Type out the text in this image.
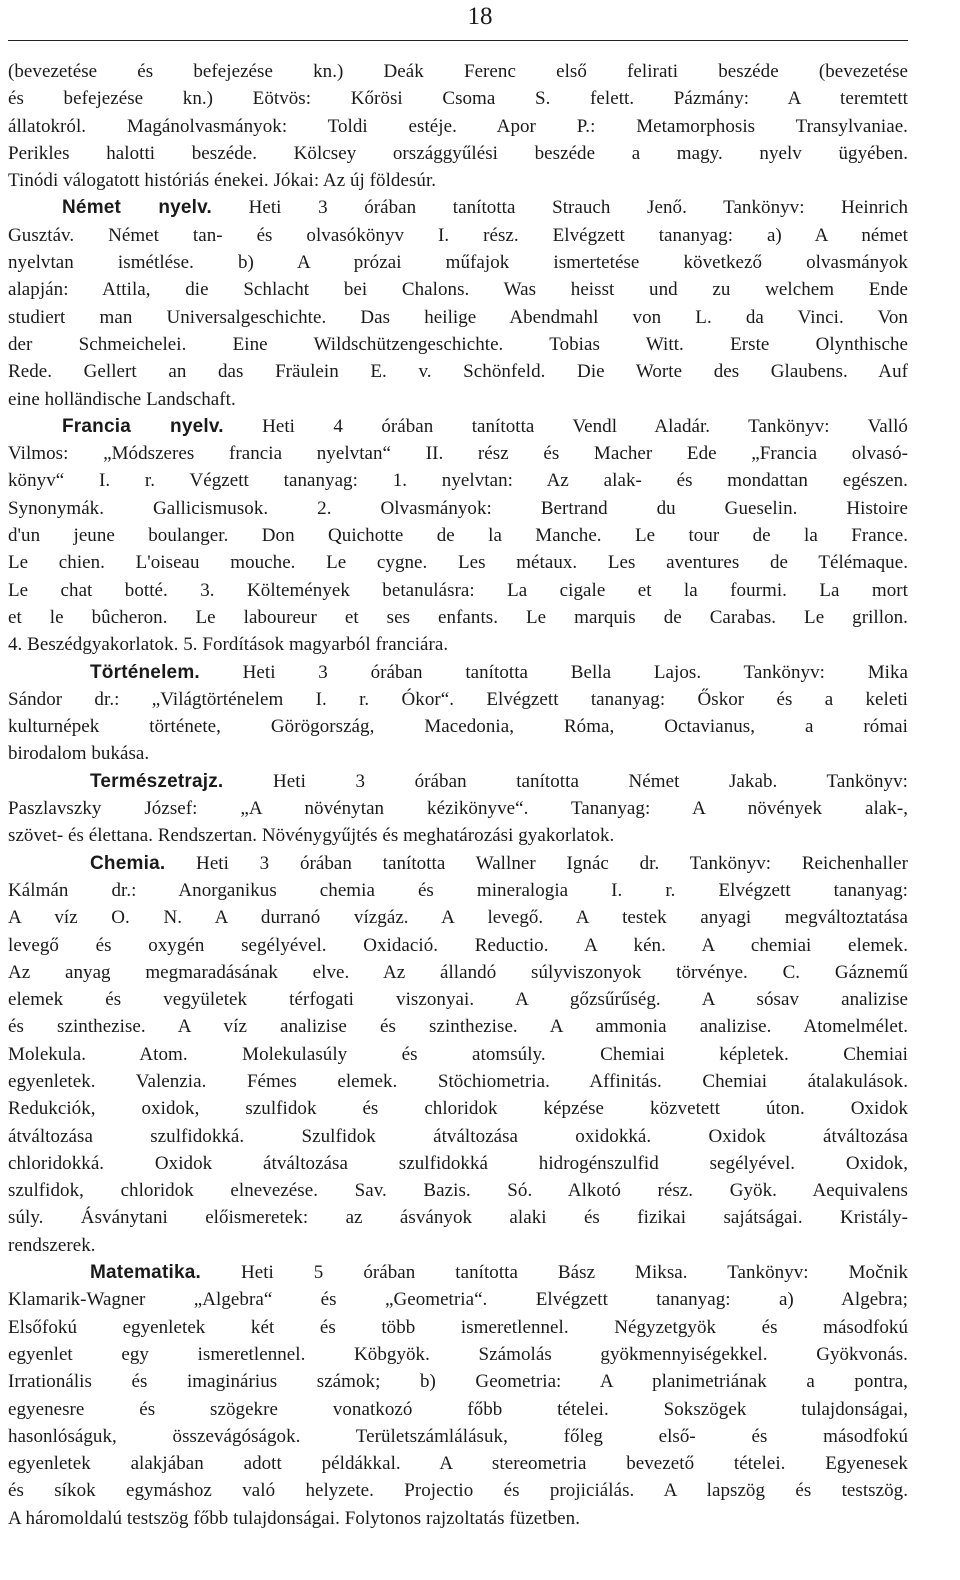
18
(bevezetése és befejezése kn.) Deák Ferenc első felirati beszéde (bevezetése
és befejezése kn.) Eötvös: Kőrösi Csoma S. felett. Pázmány: A teremtett
állatokról. Magánolvasmányok: Toldi estéje. Apor P.: Metamorphosis Transylvaniae.
Perikles halotti beszéde. Kölcsey országgyűlési beszéde a magy. nyelv ügyében.
Tinódi válogatott históriás énekei. Jókai: Az új földesúr.
Német nyelv. Heti 3 órában tanította Strauch Jenő. Tankönyv: Heinrich
Gusztáv. Német tan- és olvasókönyv I. rész. Elvégzett tananyag: a) A német
nyelvtan ismétlése. b) A prózai műfajok ismertetése következő olvasmányok
alapján: Attila, die Schlacht bei Chalons. Was heisst und zu welchem Ende
studiert man Universalgeschichte. Das heilige Abendmahl von L. da Vinci. Von
der Schmeichelei. Eine Wildschützengeschichte. Tobias Witt. Erste Olynthische
Rede. Gellert an das Fräulein E. v. Schönfeld. Die Worte des Glaubens. Auf
eine holländische Landschaft.
Francia nyelv. Heti 4 órában tanította Vendl Aladár. Tankönyv: Valló
Vilmos: „Módszeres francia nyelvtan“ II. rész és Macher Ede „Francia olvasó-
könyv“ I. r. Végzett tananyag: 1. nyelvtan: Az alak- és mondattan egészen.
Synonymák. Gallicismusok. 2. Olvasmányok: Bertrand du Gueselin. Histoire
d'un jeune boulanger. Don Quichotte de la Manche. Le tour de la France.
Le chien. L'oiseau mouche. Le cygne. Les métaux. Les aventures de Télémaque.
Le chat botté. 3. Költemények betanulásra: La cigale et la fourmi. La mort
et le bûcheron. Le laboureur et ses enfants. Le marquis de Carabas. Le grillon.
4. Beszédgyakorlatok. 5. Fordítások magyarból franciára.
Történelem. Heti 3 órában tanította Bella Lajos. Tankönyv: Mika
Sándor dr.: „Világtörténelem I. r. Ókor“. Elvégzett tananyag: Őskor és a keleti
kulturnépek története, Görögország, Macedonia, Róma, Octavianus, a római
birodalom bukása.
Természetrajz.	Heti 3 órában tanította Német Jakab. Tankönyv:
Paszlavszky József: „A növénytan kézikönyve“. Tananyag: A növények alak-,
szövet- és élettana. Rendszertan. Növénygyűjtés és meghatározási gyakorlatok.
Chemia. Heti 3 órában tanította Wallner Ignác dr. Tankönyv: Reichenhaller
Kálmán dr.: Anorganikus chemia és mineralogia I. r. Elvégzett tananyag:
A víz O. N. A durranó vízgáz. A levegő. A testek anyagi megváltoztatása
levegő és oxygén segélyével. Oxidació. Reductio. A kén. A chemiai elemek.
Az anyag megmaradásának elve. Az állandó súlyviszonyok törvénye. C. Gáznemű
elemek és vegyületek térfogati viszonyai. A gőzsűrűség. A sósav analizise
és szinthezise. A víz analizise és szinthezise. A ammonia analizise. Atomelmélet.
Molekula. Atom. Molekulasúly és atomsúly. Chemiai képletek. Chemiai
egyenletek. Valenzia. Fémes elemek. Stöchiometria. Affinitás. Chemiai átalakulások.
Redukciók, oxidok, szulfidok és chloridok képzése közvetett úton. Oxidok
átváltozása szulfidokká. Szulfidok átváltozása oxidokká. Oxidok átváltozása
chloridokká. Oxidok átváltozása szulfidokká hidrogénszulfid segélyével. Oxidok,
szulfidok, chloridok elnevezése. Sav. Bazis. Só. Alkotó rész. Gyök. Aequivalens
súly. Ásványtani előismeretek: az ásványok alaki és fizikai sajátságai. Kristály-
rendszerek.
Matematika. Heti 5 órában tanította Bász Miksa. Tankönyv: Močnik
Klamarik-Wagner „Algebra“ és „Geometria“. Elvégzett tananyag: a) Algebra;
Elsőfokú egyenletek két és több ismeretlennel. Négyzetgyök és másodfokú
egyenlet egy ismeretlennel. Köbgyök. Számolás gyökmennyiségekkel. Gyökvonás.
Irrationális és imaginárius számok; b) Geometria: A planimetriának a pontra,
egyenesre és szögekre vonatkozó főbb tételei. Sokszögek tulajdonságai,
hasonlóságuk, összevágóságok. Területszámlálásuk, főleg első- és másodfokú
egyenletek alakjában adott példákkal. A stereometria bevezető tételei. Egyenesek
és síkok egymáshoz való helyzete. Projectio és projiciálás. A lapszög és testszög.
A háromoldalú testszög főbb tulajdonságai. Folytonos rajzoltatás füzetben.
